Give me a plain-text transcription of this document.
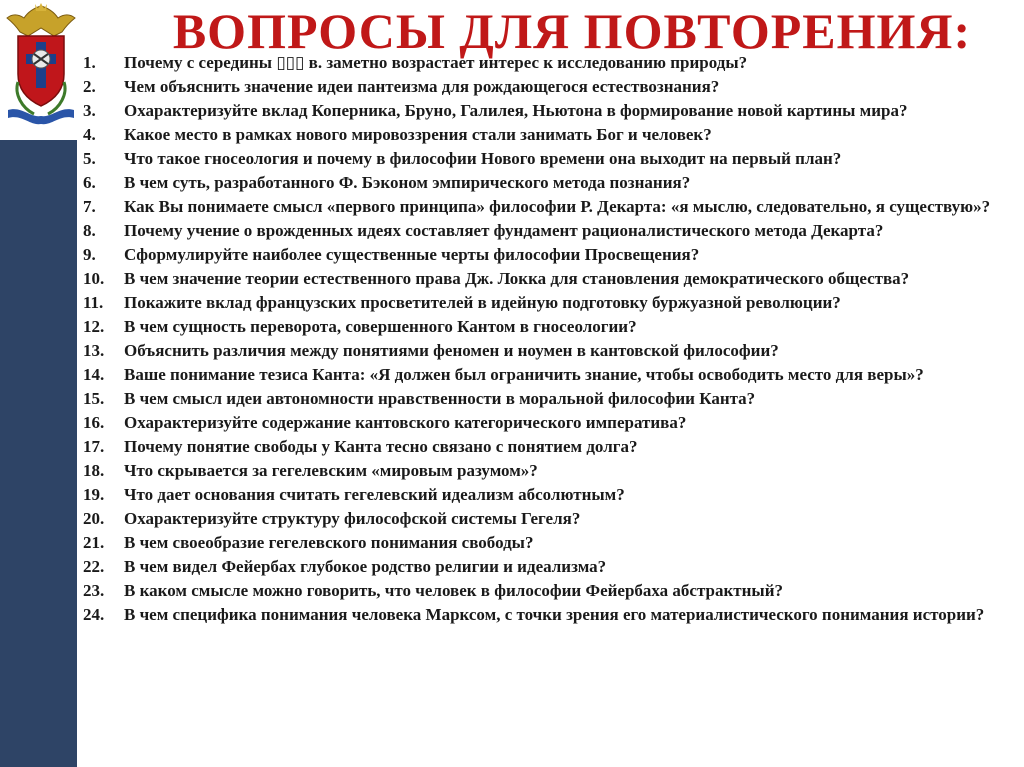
ВОПРОСЫ ДЛЯ ПОВТОРЕНИЯ:
1.	Почему с середины ▯▯▯ в. заметно возрастает интерес к исследованию природы?
2.	Чем объяснить значение идеи пантеизма для рождающегося естествознания?
3.	Охарактеризуйте вклад Коперника, Бруно, Галилея, Ньютона в формирование новой картины мира?
4.	Какое место в рамках нового мировоззрения стали занимать Бог и человек?
5.	Что такое гносеология и почему в философии Нового времени она выходит на первый план?
6.	В чем суть, разработанного Ф. Бэконом эмпирического метода познания?
7.	Как Вы понимаете смысл «первого принципа» философии Р. Декарта: «я мыслю, следовательно, я существую»?
8.	Почему учение о врожденных идеях составляет фундамент рационалистического метода Декарта?
9.	Сформулируйте наиболее существенные черты философии Просвещения?
10.	В чем значение теории естественного права Дж. Локка для становления демократического общества?
11.	Покажите вклад французских просветителей в идейную подготовку буржуазной революции?
12.	В чем сущность переворота, совершенного Кантом в гносеологии?
13.	Объяснить различия между понятиями феномен и ноумен в кантовской философии?
14.	Ваше понимание тезиса Канта: «Я должен был ограничить знание, чтобы освободить место для веры»?
15.	В чем смысл идеи автономности нравственности в моральной философии Канта?
16.	Охарактеризуйте содержание кантовского категорического императива?
17.	Почему понятие свободы у Канта тесно связано с понятием долга?
18.	Что скрывается за гегелевским «мировым разумом»?
19.	Что дает основания считать гегелевский идеализм абсолютным?
20.	Охарактеризуйте структуру философской системы Гегеля?
21.	В чем своеобразие гегелевского понимания свободы?
22.	В чем видел Фейербах глубокое родство религии и идеализма?
23.	В каком смысле можно говорить, что человек в философии Фейербаха абстрактный?
24.	В чем специфика понимания человека Марксом, с точки зрения его материалистического понимания истории?
